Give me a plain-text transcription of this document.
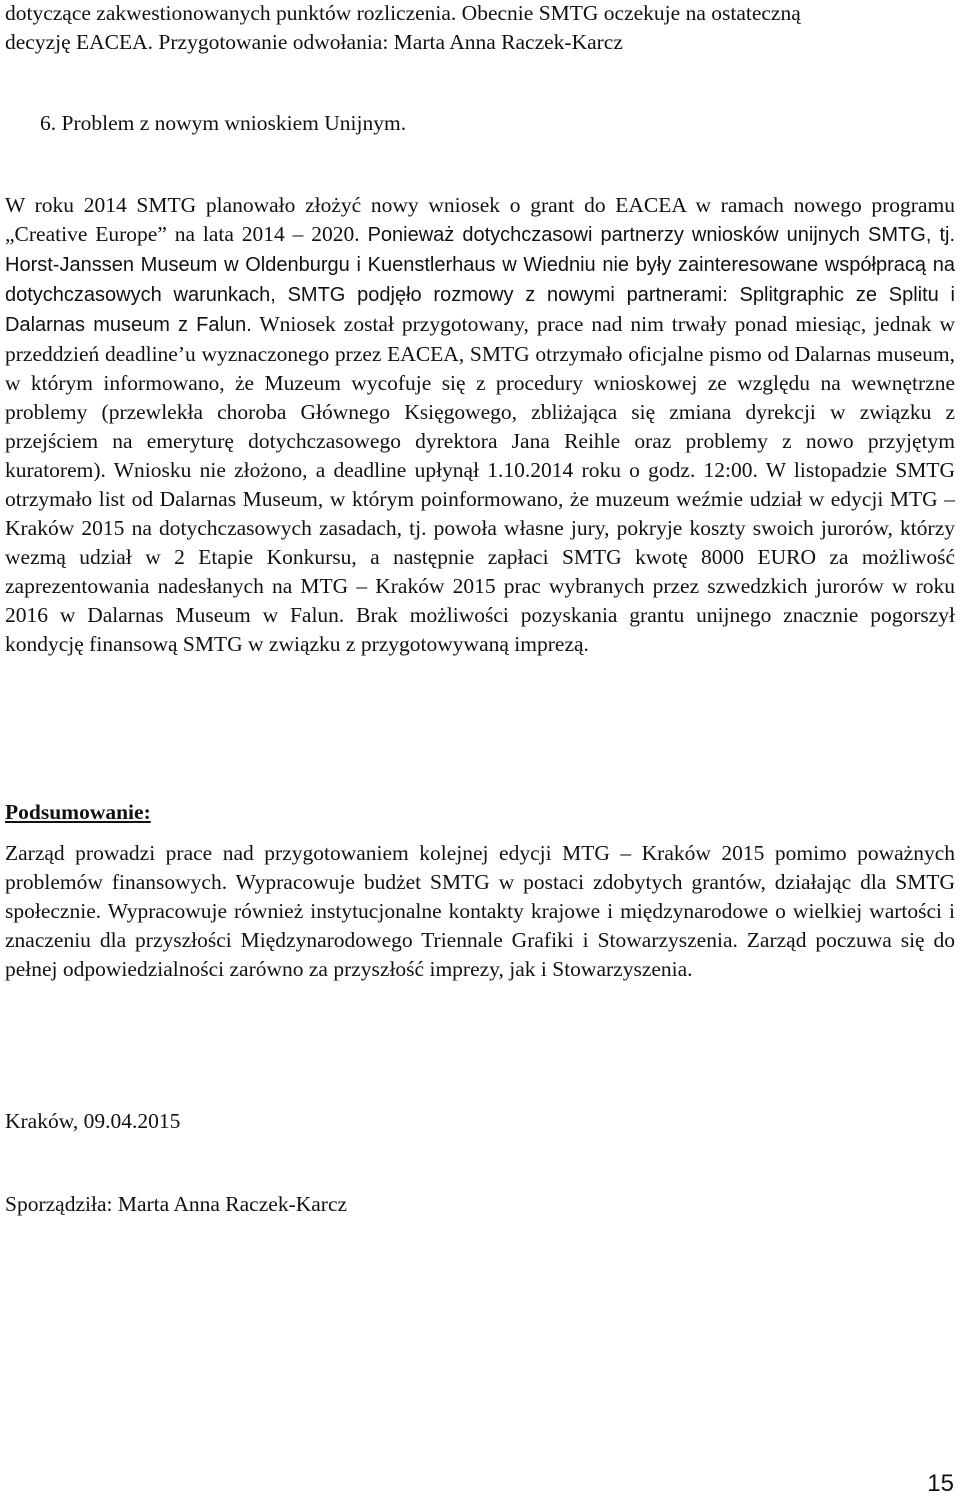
dotyczące zakwestionowanych punktów rozliczenia. Obecnie SMTG oczekuje na ostateczną

decyzję EACEA. Przygotowanie odwołania: Marta Anna Raczek-Karcz

6. Problem z nowym wnioskiem Unijnym.

W roku 2014 SMTG planowało złożyć nowy wniosek o grant do EACEA w ramach nowego programu „Creative Europe” na lata 2014 – 2020. Ponieważ dotychczasowi partnerzy wniosków unijnych SMTG, tj. Horst-Janssen Museum w Oldenburgu i Kuenstlerhaus w Wiedniu nie były zainteresowane współpracą na dotychczasowych warunkach, SMTG podjęło rozmowy z nowymi partnerami: Splitgraphic ze Splitu i Dalarnas museum z Falun. Wniosek został przygotowany, prace nad nim trwały ponad miesiąc, jednak w przeddzień deadline’u wyznaczonego przez EACEA, SMTG otrzymało oficjalne pismo od Dalarnas museum, w którym informowano, że Muzeum wycofuje się z procedury wnioskowej ze względu na wewnętrzne problemy (przewlekła choroba Głównego Księgowego, zbliżająca się zmiana dyrekcji w związku z przejściem na emeryturę dotychczasowego dyrektora Jana Reihle oraz problemy z nowo przyjętym kuratorem). Wniosku nie złożono, a deadline upłynął 1.10.2014 roku o godz. 12:00. W listopadzie SMTG otrzymało list od Dalarnas Museum, w którym poinformowano, że muzeum weźmie udział w edycji MTG – Kraków 2015 na dotychczasowych zasadach, tj. powoła własne jury, pokryje koszty swoich jurorów, którzy wezmą udział w 2 Etapie Konkursu, a następnie zapłaci SMTG kwotę 8000 EURO za możliwość zaprezentowania nadesłanych na MTG – Kraków 2015 prac wybranych przez szwedzkich jurorów w roku 2016 w Dalarnas Museum w Falun. Brak możliwości pozyskania grantu unijnego znacznie pogorszył kondycję finansową SMTG w związku z przygotowywaną imprezą.

Podsumowanie:

Zarząd prowadzi prace nad przygotowaniem kolejnej edycji MTG – Kraków 2015 pomimo poważnych problemów finansowych. Wypracowuje budżet SMTG w postaci zdobytych grantów, działając dla SMTG społecznie. Wypracowuje również instytucjonalne kontakty krajowe i międzynarodowe o wielkiej wartości i znaczeniu dla przyszłości Międzynarodowego Triennale Grafiki i Stowarzyszenia. Zarząd poczuwa się do pełnej odpowiedzialności zarówno za przyszłość imprezy, jak i Stowarzyszenia.

Kraków, 09.04.2015

Sporządziła: Marta Anna Raczek-Karcz

15
